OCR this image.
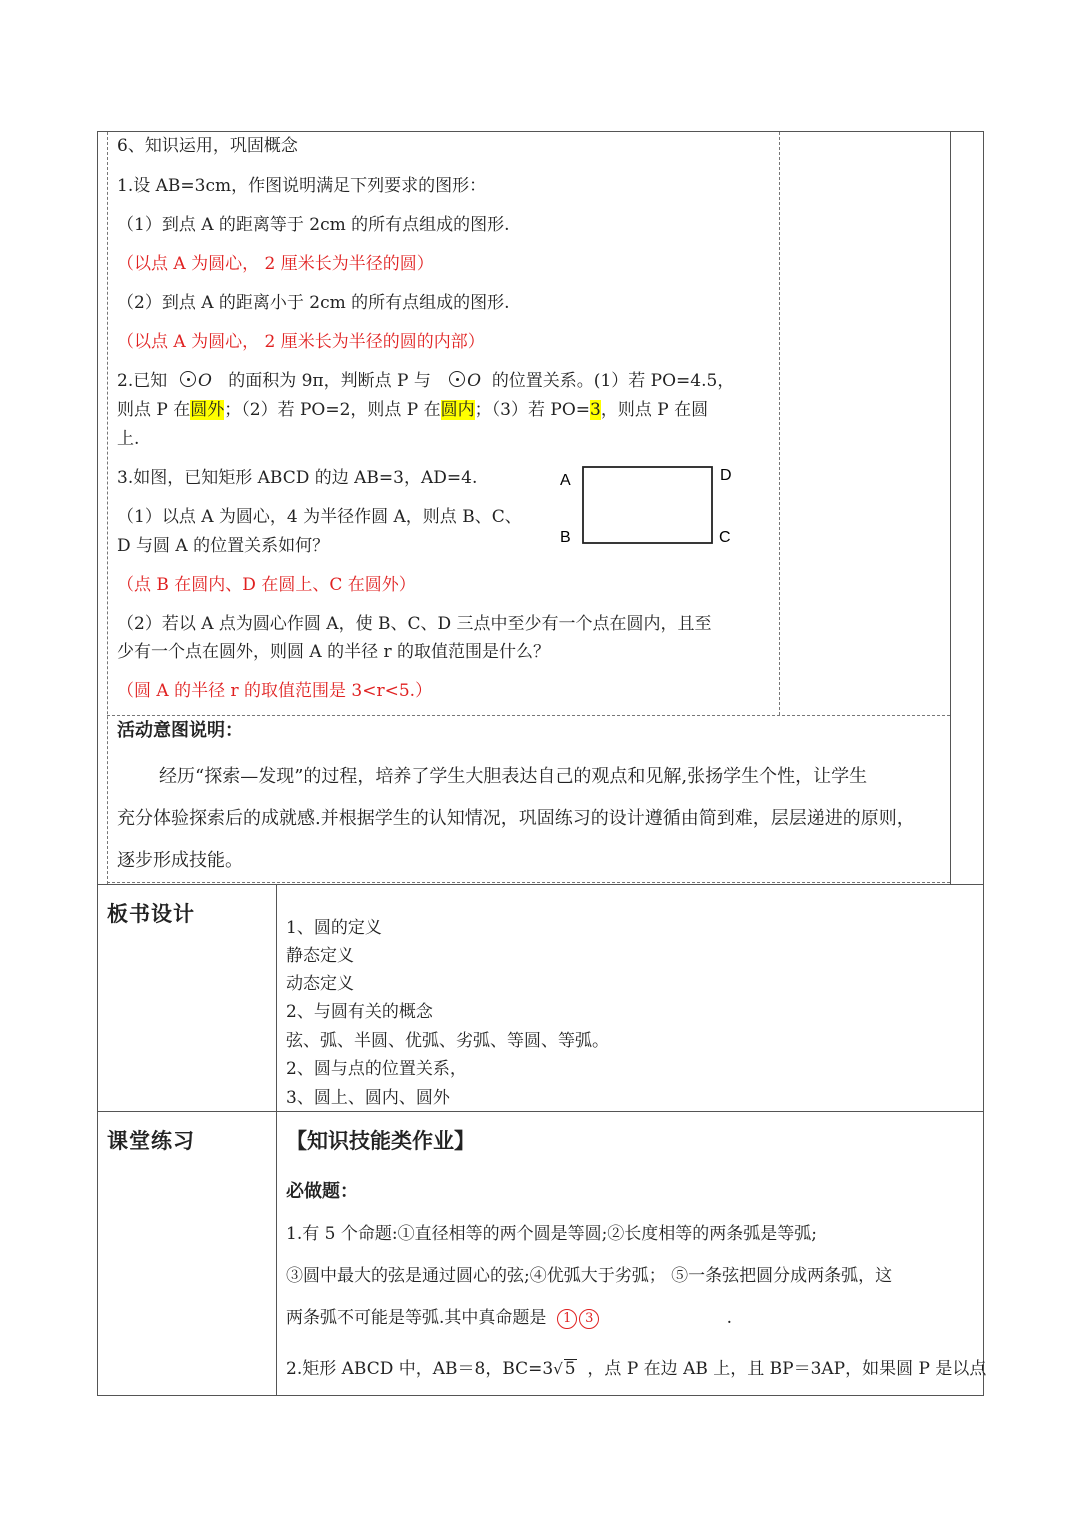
6、知识运用，巩固概念
1.设 AB=3cm，作图说明满足下列要求的图形：
（1）到点 A 的距离等于 2cm 的所有点组成的图形.
（以点 A 为圆心， 2 厘米长为半径的圆）
（2）到点 A 的距离小于 2cm 的所有点组成的图形.
（以点 A 为圆心， 2 厘米长为半径的圆的内部）
2.已知 O 的面积为 9π，判断点 P 与 O 的位置关系。(1）若 PO=4.5，
则点 P 在圆外；（2）若 PO=2，则点 P 在圆内；（3）若 PO=3，则点 P 在圆
上.
3.如图，已知矩形 ABCD 的边 AB=3，AD=4.
（1）以点 A 为圆心，4 为半径作圆 A，则点 B、C、
D 与圆 A 的位置关系如何？
（点 B 在圆内、D 在圆上、C 在圆外）
（2）若以 A 点为圆心作圆 A，使 B、C、D 三点中至少有一个点在圆内，且至
少有一个点在圆外，则圆 A 的半径 r 的取值范围是什么？
（圆 A 的半径 r 的取值范围是 3<r<5.）
A
B	C
D
活动意图说明：
经历“探索—发现”的过程，培养了学生大胆表达自己的观点和见解,张扬学生个性，让学生
充分体验探索后的成就感.并根据学生的认知情况，巩固练习的设计遵循由简到难，层层递进的原则，
逐步形成技能。
板书设计
1、圆的定义
静态定义
动态定义
2、与圆有关的概念
弦、弧、半圆、优弧、劣弧、等圆、等弧。
2、圆与点的位置关系，
3、圆上、圆内、圆外
课堂练习	【知识技能类作业】
必做题：
1.有 5 个命题:①直径相等的两个圆是等圆;②长度相等的两条弧是等弧;
③圆中最大的弦是通过圆心的弦;④优弧大于劣弧； ⑤一条弦把圆分成两条弧，这
两条弧不可能是等弧.其中真命题是 1 3	.
2.矩形 ABCD 中，AB＝8，BC=3√ 5 ，点 P 在边 AB 上，且 BP＝3AP，如果圆 P 是以点
